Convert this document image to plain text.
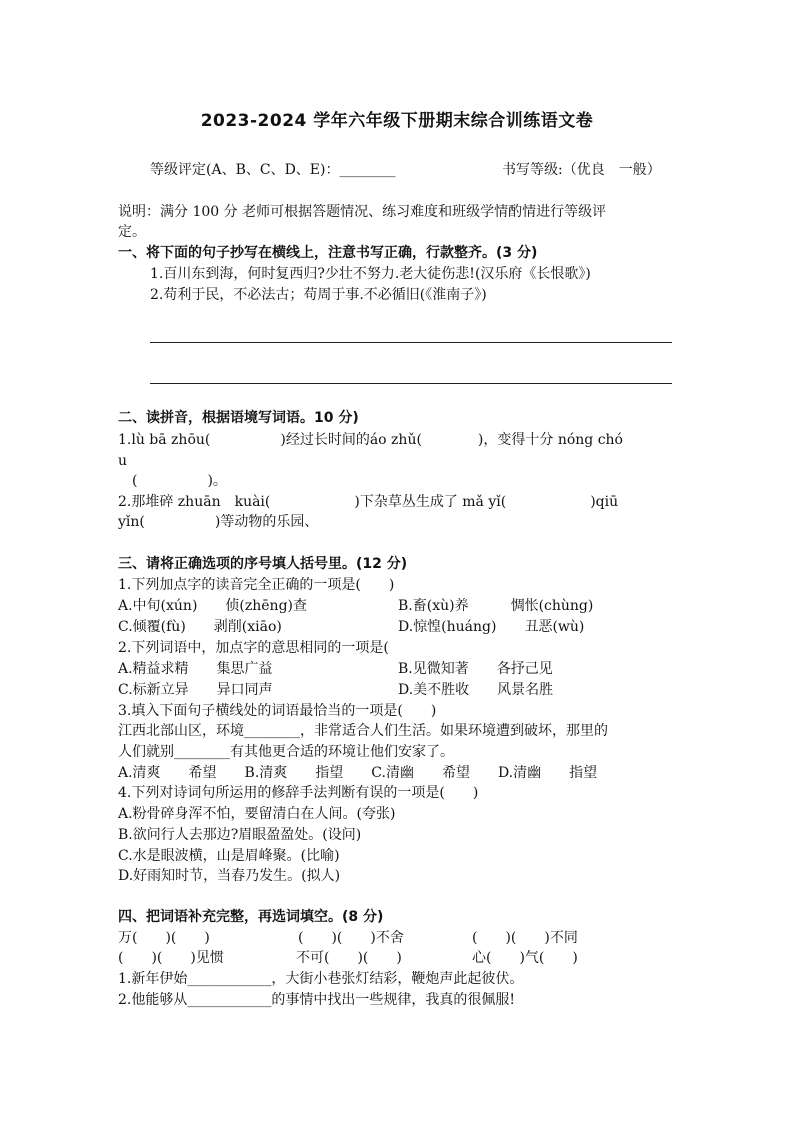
2023-2024 学年六年级下册期末综合训练语文卷
等级评定(A、B、C、D、E)：________	书写等级:（优良　一般）
说明：满分 100 分 老师可根据答题情况、练习难度和班级学情酌情进行等级评
定。
一、将下面的句子抄写在横线上，注意书写正确，行款整齐。(3 分)
1.百川东到海，何时复西归?少壮不努力.老大徒伤悲!(汉乐府《长恨歌》)
2.苟利于民，不必法古；苟周于事.不必循旧(《淮南子》)
二、读拼音，根据语境写词语。10 分)
1.lù bā zhōu(　　　　　)经过长时间的áo zhǔ(　　　　)，变得十分 nóng chó
u
　(　　　　　)。
2.那堆碎 zhuān　kuài(　　　　　　)下杂草丛生成了 mǎ yǐ(　　　　　　)qiū
yǐn(　　　　　)等动物的乐园、
三、请将正确选项的序号填人括号里。(12 分)
1.下列加点字的读音完全正确的一项是(　　)
A.中旬(xún)　　侦(zhēng)查	B.畜(xù)养　　　惆怅(chùng)
C.倾覆(fù)　　剥削(xiāo)	D.惊惶(huáng)　　丑恶(wù)
2.下列词语中，加点字的意思相同的一项是(
A.精益求精　　集思广益	B.见微知著　　各抒己见
C.标新立异　　异口同声	D.美不胜收　　风景名胜
3.填入下面句子横线处的词语最恰当的一项是(　　)
江西北部山区，环境________，非常适合人们生活。如果环境遭到破坏，那里的
人们就别________有其他更合适的环境让他们安家了。
A.清爽　　希望　　B.清爽　　指望　　C.清幽　　希望　　D.清幽　　指望
4.下列对诗词句所运用的修辞手法判断有误的一项是(　　)
A.粉骨碎身浑不怕，要留清白在人间。(夸张)
B.欲问行人去那边?眉眼盈盈处。(设问)
C.水是眼波横，山是眉峰聚。(比喻)
D.好雨知时节，当春乃发生。(拟人)
四、把词语补充完整，再选词填空。(8 分)
万(　　)(　　)	(　　)(　　)不舍	(　　)(　　)不同
(　　)(　　)见惯	不可(　　)(　　)	心(　　)气(　　)
1.新年伊始____________，大街小巷张灯结彩，鞭炮声此起彼伏。
2.他能够从____________的事情中找出一些规律，我真的很佩服!
